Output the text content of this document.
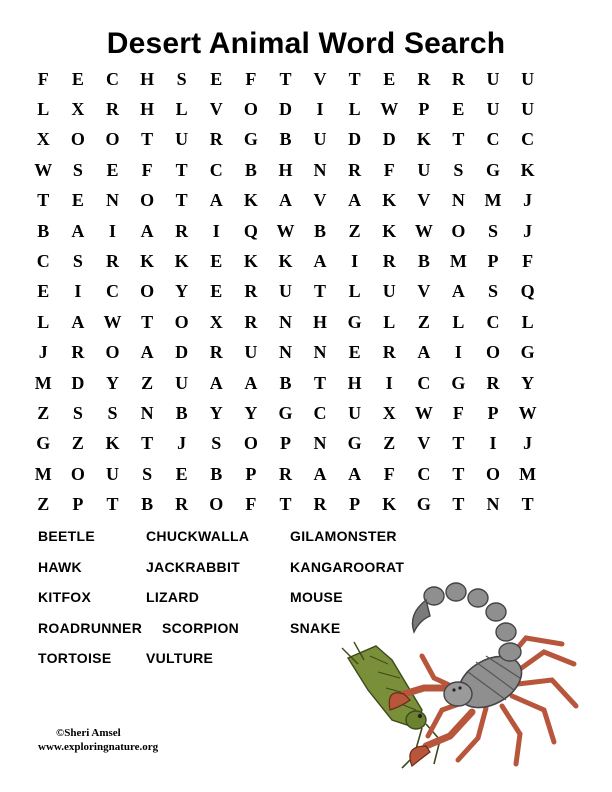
Desert Animal Word Search
F	E	C	H	S	E	F	T	V	T	E	R	R	U	U
L	X	R	H	L	V	O	D	I	L	W	P	E	U	U
X	O	O	T	U	R	G	B	U	D	D	K	T	C	C
W	S	E	F	T	C	B	H	N	R	F	U	S	G	K
T	E	N	O	T	A	K	A	V	A	K	V	N	M	J
B	A	I	A	R	I	Q	W	B	Z	K	W	O	S	J
C	S	R	K	K	E	K	K	A	I	R	B	M	P	F
E	I	C	O	Y	E	R	U	T	L	U	V	A	S	Q
L	A	W	T	O	X	R	N	H	G	L	Z	L	C	L
J	R	O	A	D	R	U	N	N	E	R	A	I	O	G
M	D	Y	Z	U	A	A	B	T	H	I	C	G	R	Y
Z	S	S	N	B	Y	Y	G	C	U	X	W	F	P	W
G	Z	K	T	J	S	O	P	N	G	Z	V	T	I	J
M	O	U	S	E	B	P	R	A	A	F	C	T	O	M
Z	P	T	B	R	O	F	T	R	P	K	G	T	N	T
BEETLE	CHUCKWALLA	GILAMONSTER
HAWK	JACKRABBIT	KANGAROORAT
KITFOX	LIZARD	MOUSE
ROADRUNNER SCORPION	SNAKE
TORTOISE VULTURE
©Sheri Amsel
www.exploringnature.org
